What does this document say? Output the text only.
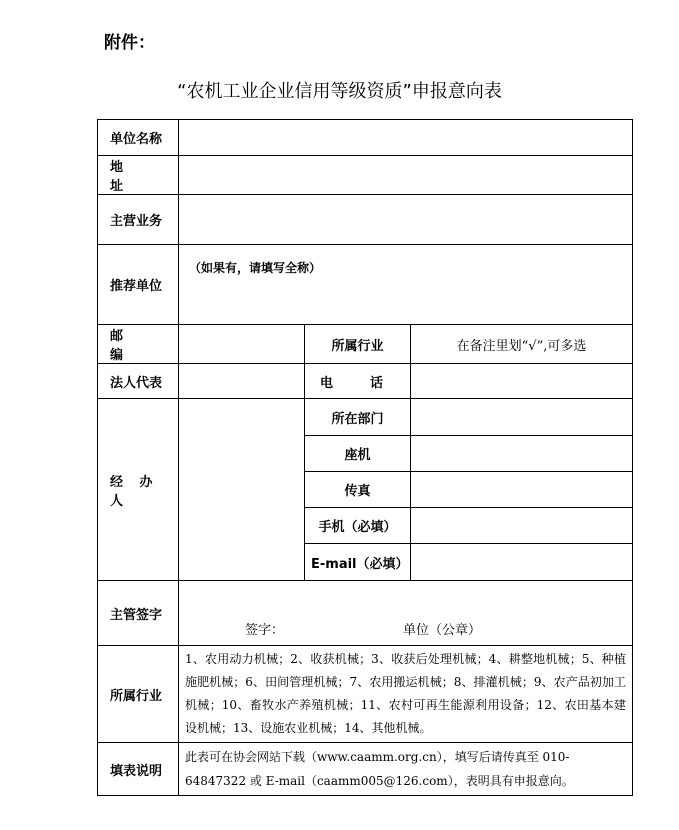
附件：
“农机工业企业信用等级资质”申报意向表
单位名称			
地　址			
主营业务			
推荐单位	（如果有，请填写全称）		
邮　编		所属行业	在备注里划“√”,可多选
法人代表		电　话	
经 办 人		所在部门	
		座机	
		传真	
		手机（必填）	
		E-mail（必填）	
主管签字	签字： 单位（公章）		

所属行业	1、农用动力机械；2、收获机械；3、收获后处理机械；4、耕整地机械；5、种植施肥机械；6、田间管理机械；7、农用搬运机械；8、排灌机械；9、农产品初加工机械；10、畜牧水产养殖机械；11、农村可再生能源利用设备；12、农田基本建设机械；13、设施农业机械；14、其他机械。		
填表说明	此表可在协会网站下载（www.caamm.org.cn），填写后请传真至 010-64847322 或 E-mail（caamm005@126.com），表明具有申报意向。		
